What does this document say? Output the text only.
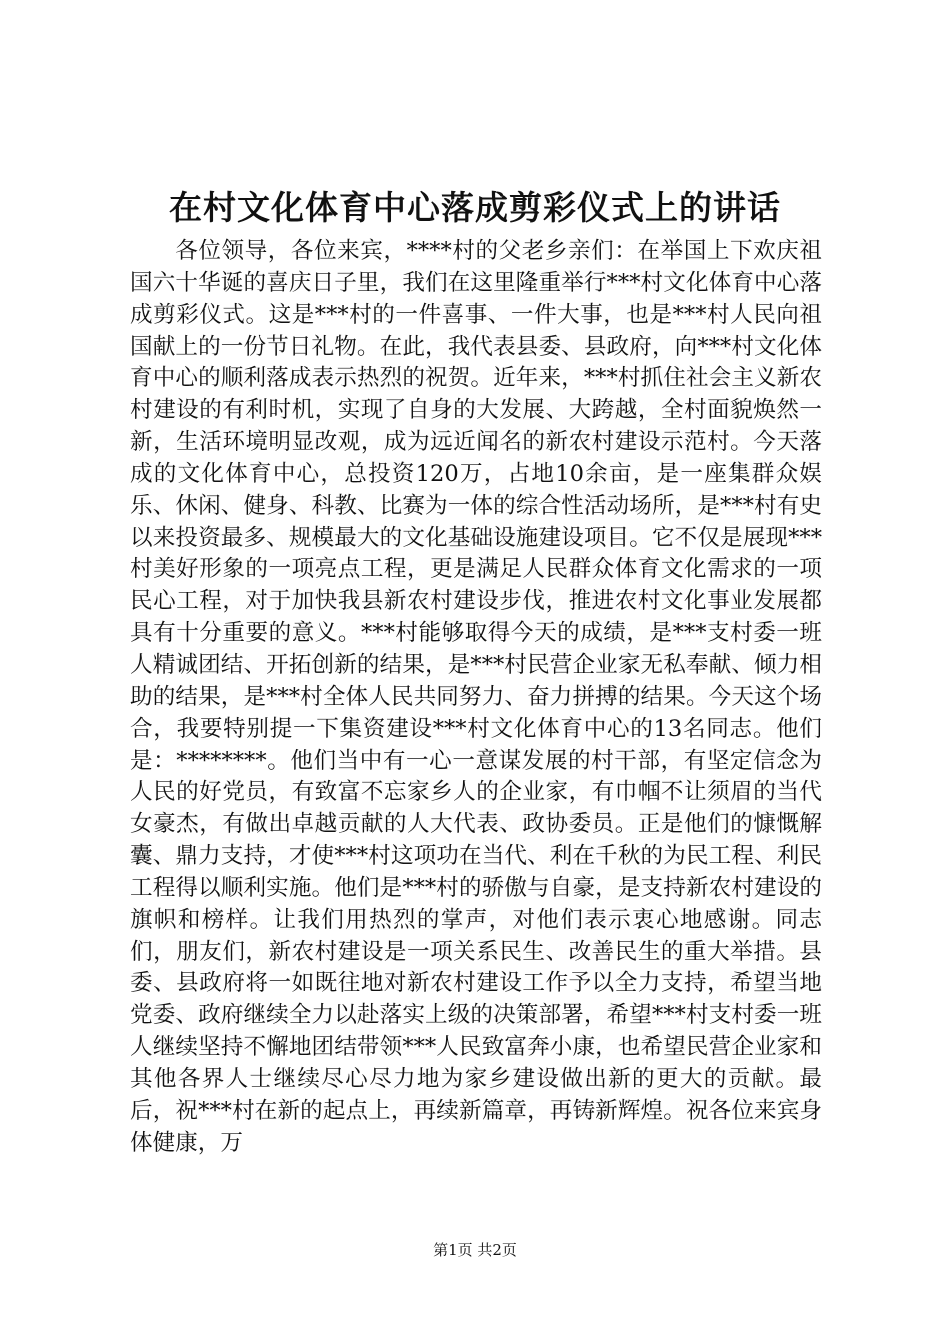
在村文化体育中心落成剪彩仪式上的讲话

各位领导，各位来宾，****村的父老乡亲们：在举国上下欢庆祖国六十华诞的喜庆日子里，我们在这里隆重举行***村文化体育中心落成剪彩仪式。这是***村的一件喜事、一件大事，也是***村人民向祖国献上的一份节日礼物。在此，我代表县委、县政府，向***村文化体育中心的顺利落成表示热烈的祝贺。近年来，***村抓住社会主义新农村建设的有利时机，实现了自身的大发展、大跨越，全村面貌焕然一新，生活环境明显改观，成为远近闻名的新农村建设示范村。今天落成的文化体育中心，总投资120万，占地10余亩，是一座集群众娱乐、休闲、健身、科教、比赛为一体的综合性活动场所，是***村有史以来投资最多、规模最大的文化基础设施建设项目。它不仅是展现***村美好形象的一项亮点工程，更是满足人民群众体育文化需求的一项民心工程，对于加快我县新农村建设步伐，推进农村文化事业发展都具有十分重要的意义。***村能够取得今天的成绩，是***支村委一班人精诚团结、开拓创新的结果，是***村民营企业家无私奉献、倾力相助的结果，是***村全体人民共同努力、奋力拼搏的结果。今天这个场合，我要特别提一下集资建设***村文化体育中心的13名同志。他们是：********。他们当中有一心一意谋发展的村干部，有坚定信念为人民的好党员，有致富不忘家乡人的企业家，有巾帼不让须眉的当代女豪杰，有做出卓越贡献的人大代表、政协委员。正是他们的慷慨解囊、鼎力支持，才使***村这项功在当代、利在千秋的为民工程、利民工程得以顺利实施。他们是***村的骄傲与自豪，是支持新农村建设的旗帜和榜样。让我们用热烈的掌声，对他们表示衷心地感谢。同志们，朋友们，新农村建设是一项关系民生、改善民生的重大举措。县委、县政府将一如既往地对新农村建设工作予以全力支持，希望当地党委、政府继续全力以赴落实上级的决策部署，希望***村支村委一班人继续坚持不懈地团结带领***人民致富奔小康，也希望民营企业家和其他各界人士继续尽心尽力地为家乡建设做出新的更大的贡献。最后，祝***村在新的起点上，再续新篇章，再铸新辉煌。祝各位来宾身体健康，万

第1页 共2页
